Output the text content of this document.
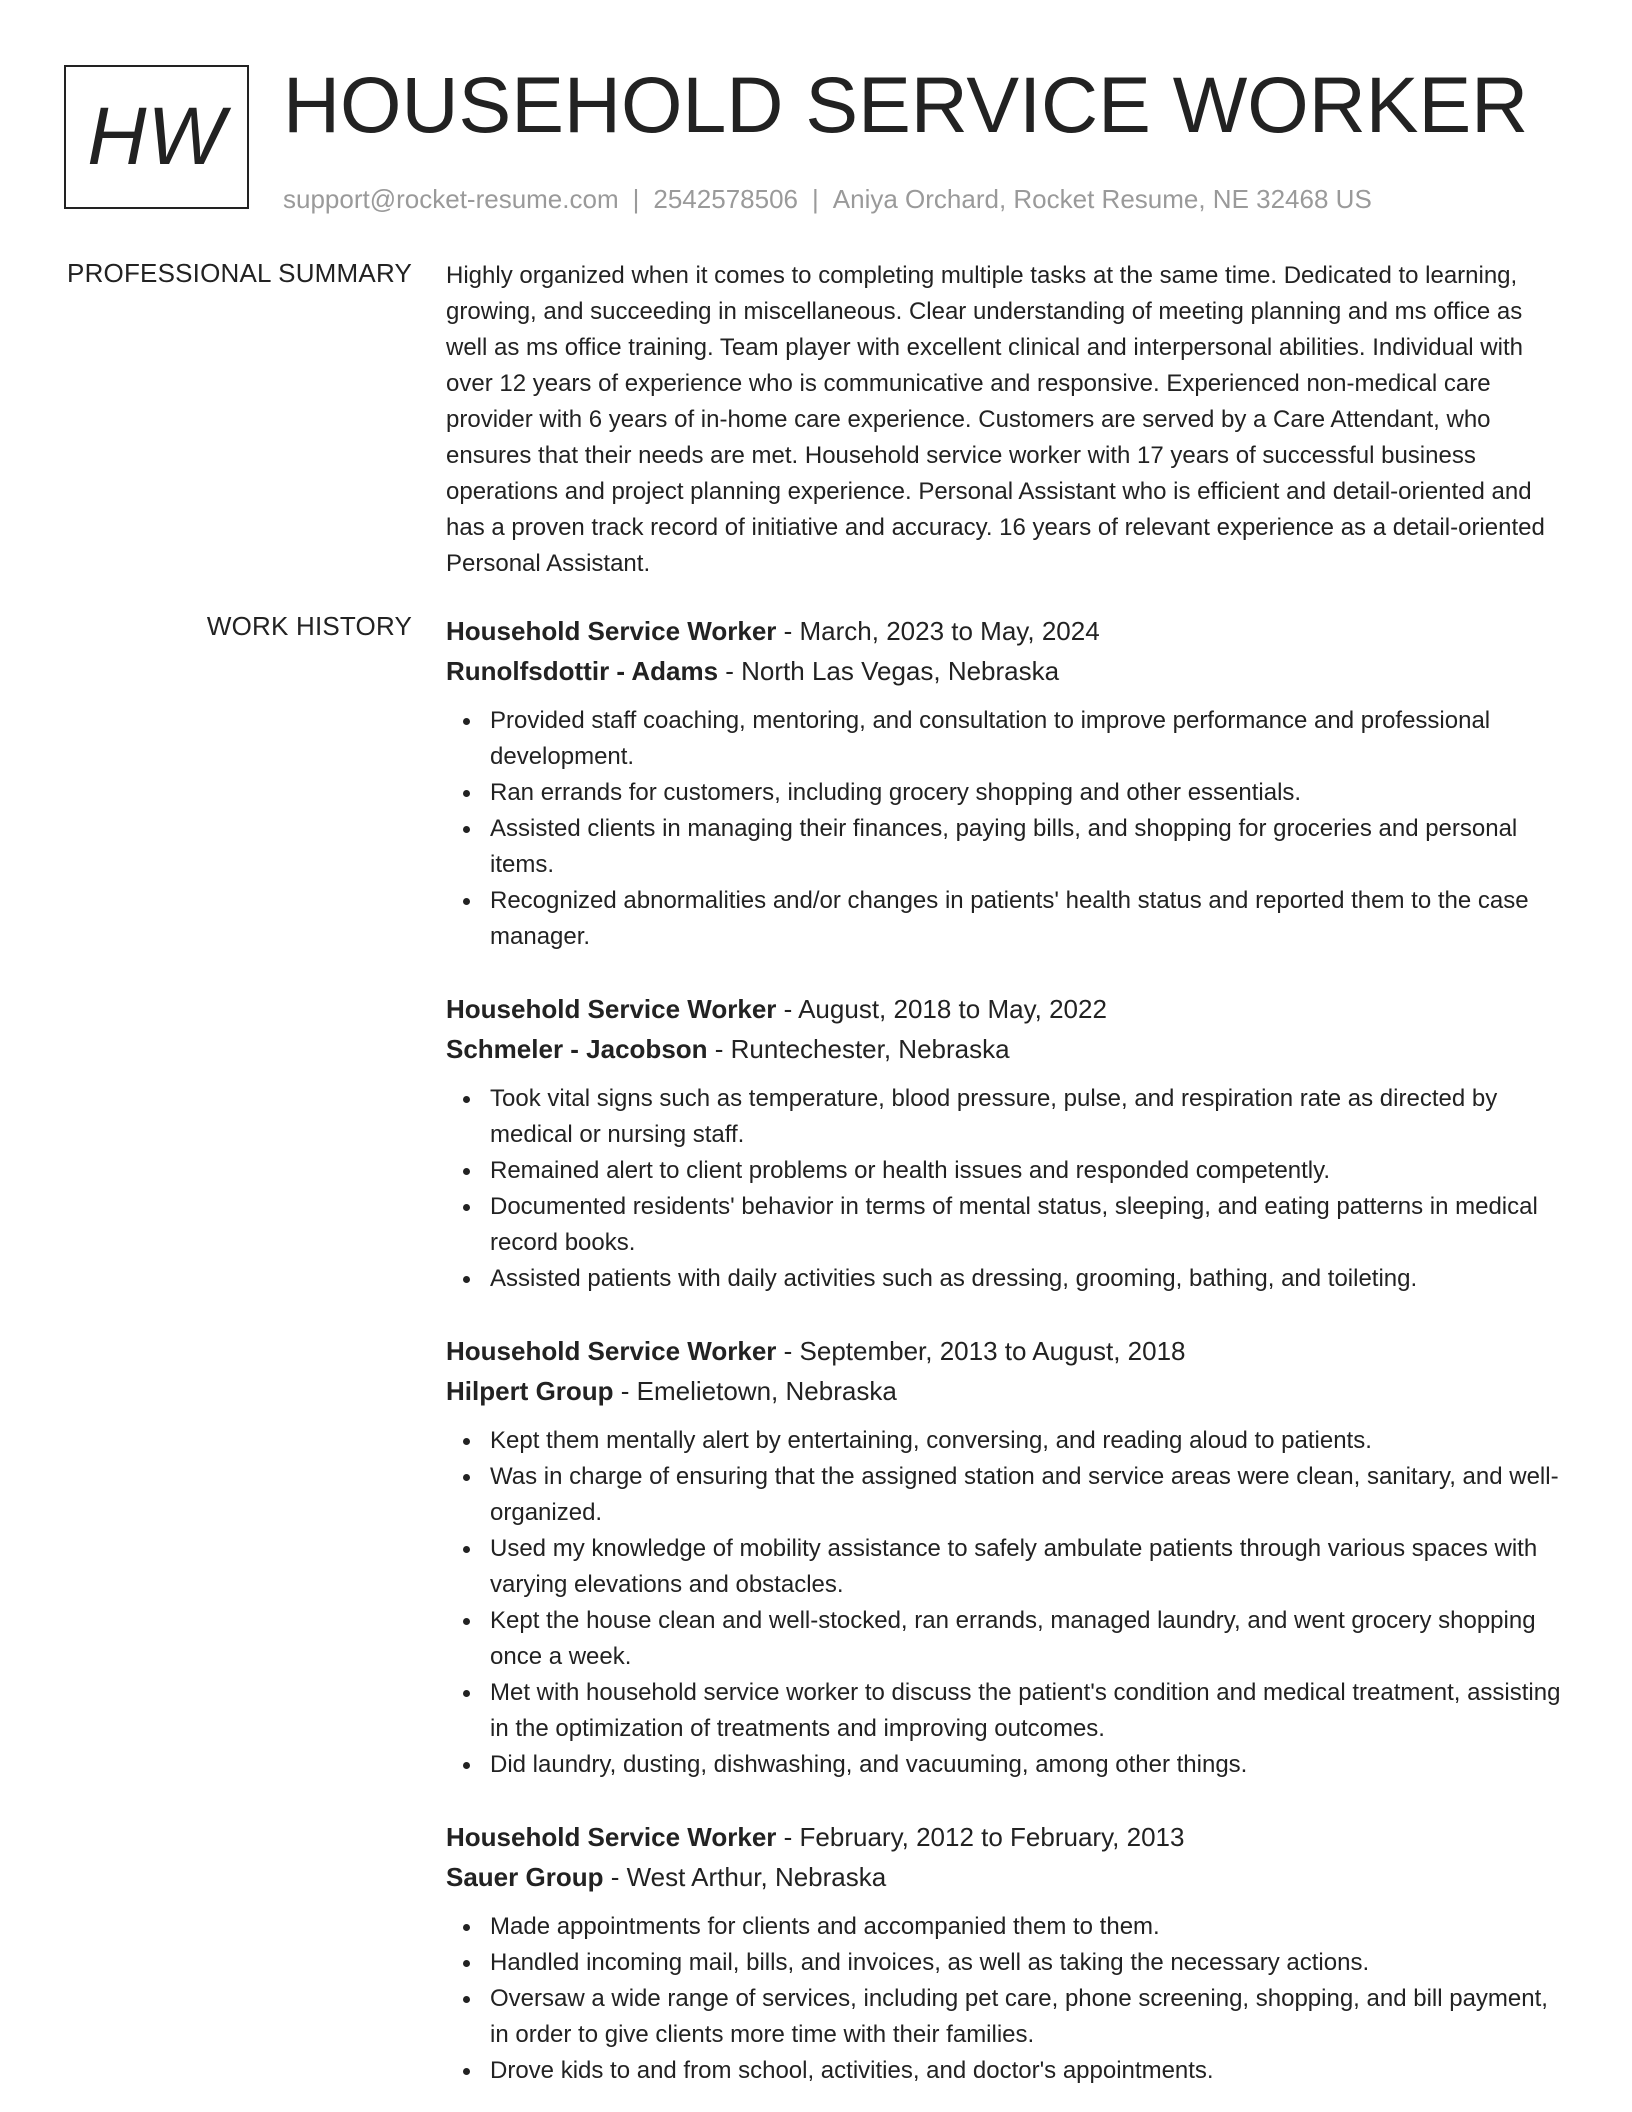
HW HOUSEHOLD SERVICE WORKER
support@rocket-resume.com | 2542578506 | Aniya Orchard, Rocket Resume, NE 32468 US
PROFESSIONAL SUMMARY Highly organized when it comes to completing multiple tasks at the same time. Dedicated to learning, growing, and succeeding in miscellaneous. Clear understanding of meeting planning and ms office as well as ms office training. Team player with excellent clinical and interpersonal abilities. Individual with over 12 years of experience who is communicative and responsive. Experienced non-medical care provider with 6 years of in-home care experience. Customers are served by a Care Attendant, who ensures that their needs are met. Household service worker with 17 years of successful business operations and project planning experience. Personal Assistant who is efficient and detail-oriented and has a proven track record of initiative and accuracy. 16 years of relevant experience as a detail-oriented Personal Assistant.

WORK HISTORY Household Service Worker - March, 2023 to May, 2024
Runolfsdottir - Adams - North Las Vegas, Nebraska
Provided staff coaching, mentoring, and consultation to improve performance and professional development.
Ran errands for customers, including grocery shopping and other essentials.
Assisted clients in managing their finances, paying bills, and shopping for groceries and personal items.
Recognized abnormalities and/or changes in patients' health status and reported them to the case manager.
Household Service Worker - August, 2018 to May, 2022
Schmeler - Jacobson - Runtechester, Nebraska
Took vital signs such as temperature, blood pressure, pulse, and respiration rate as directed by medical or nursing staff.
Remained alert to client problems or health issues and responded competently.
Documented residents' behavior in terms of mental status, sleeping, and eating patterns in medical record books.
Assisted patients with daily activities such as dressing, grooming, bathing, and toileting.
Household Service Worker - September, 2013 to August, 2018
Hilpert Group - Emelietown, Nebraska
Kept them mentally alert by entertaining, conversing, and reading aloud to patients.
Was in charge of ensuring that the assigned station and service areas were clean, sanitary, and well-organized.
Used my knowledge of mobility assistance to safely ambulate patients through various spaces with varying elevations and obstacles.
Kept the house clean and well-stocked, ran errands, managed laundry, and went grocery shopping once a week.
Met with household service worker to discuss the patient's condition and medical treatment, assisting in the optimization of treatments and improving outcomes.
Did laundry, dusting, dishwashing, and vacuuming, among other things.
Household Service Worker - February, 2012 to February, 2013
Sauer Group - West Arthur, Nebraska
Made appointments for clients and accompanied them to them.
Handled incoming mail, bills, and invoices, as well as taking the necessary actions.
Oversaw a wide range of services, including pet care, phone screening, shopping, and bill payment, in order to give clients more time with their families.
Drove kids to and from school, activities, and doctor's appointments.
